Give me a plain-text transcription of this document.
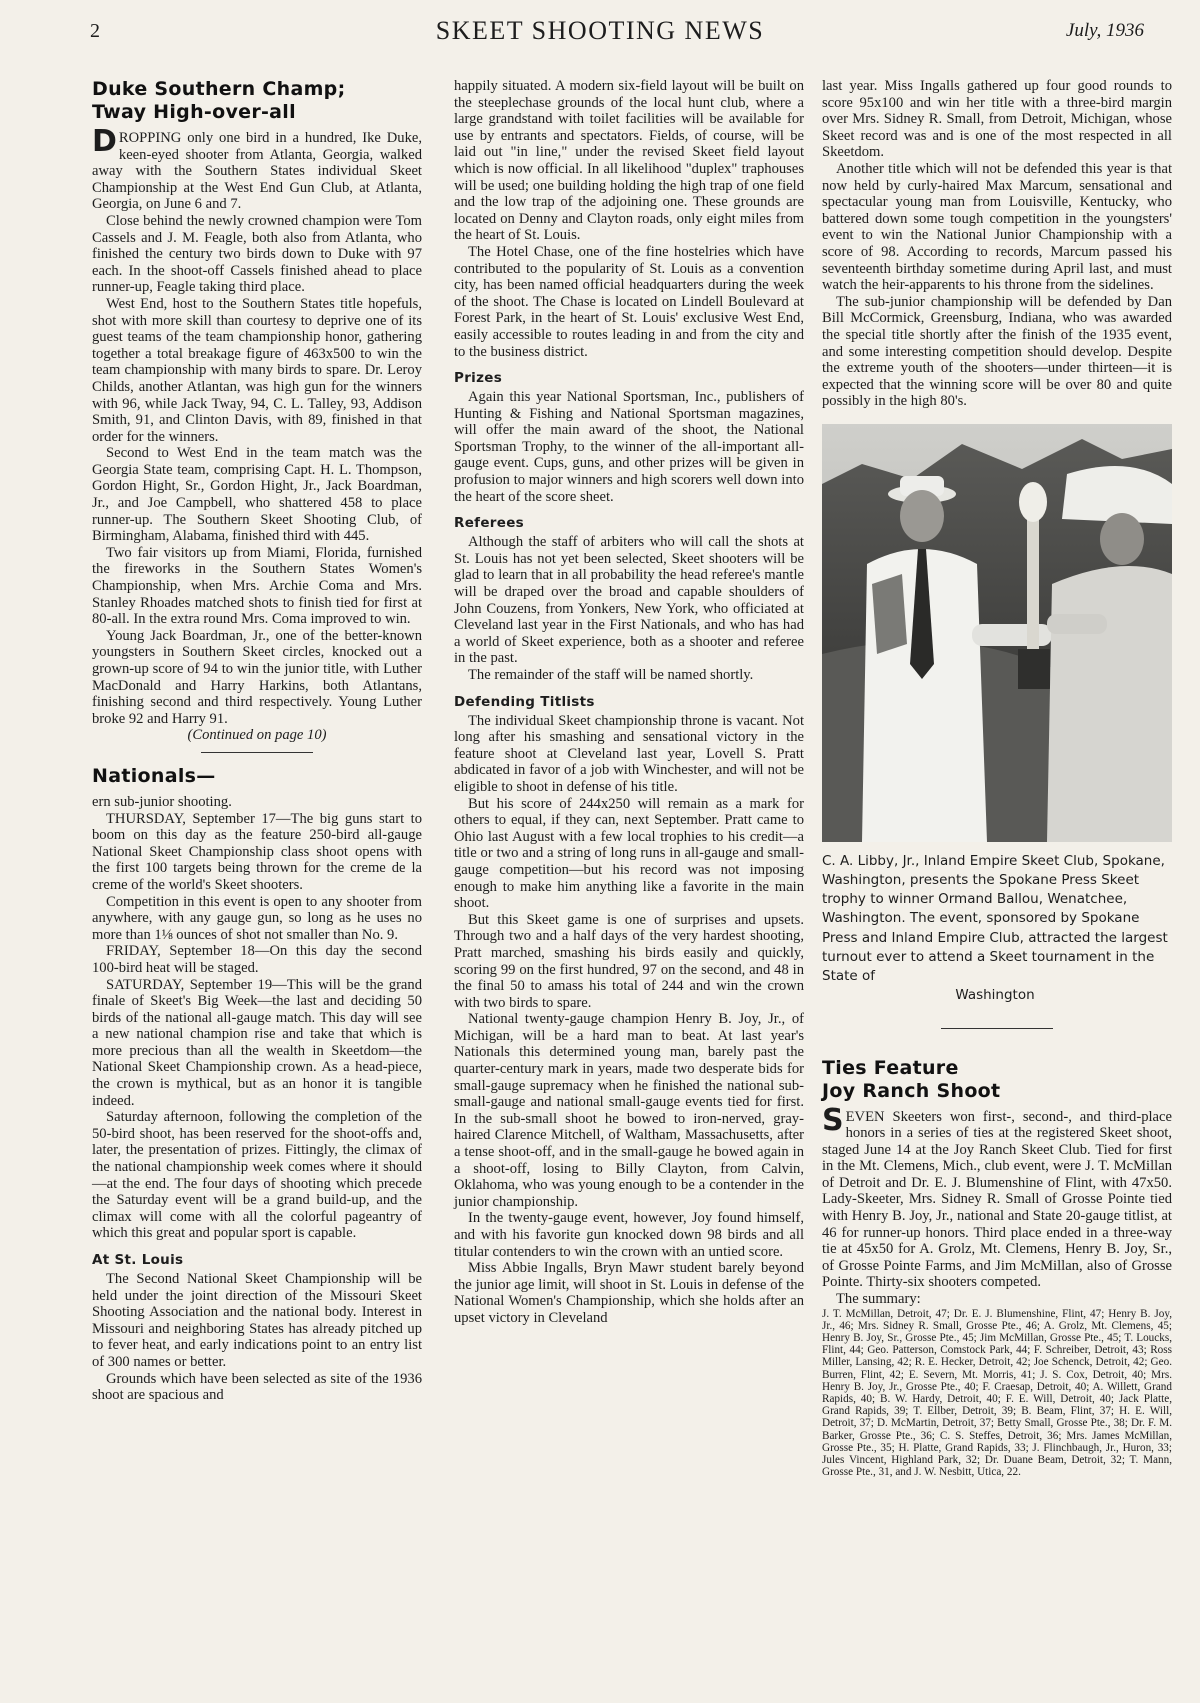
2	SKEET SHOOTING NEWS	July, 1936
Duke Southern Champ;
Tway High-over-all

DROPPING only one bird in a hundred, Ike Duke, keen-eyed shooter from Atlanta, Georgia, walked away with the Southern States individual Skeet Championship at the West End Gun Club, at Atlanta, Georgia, on June 6 and 7.

Close behind the newly crowned champion were Tom Cassels and J. M. Feagle, both also from Atlanta, who finished the century two birds down to Duke with 97 each. In the shoot-off Cassels finished ahead to place runner-up, Feagle taking third place.

West End, host to the Southern States title hopefuls, shot with more skill than courtesy to deprive one of its guest teams of the team championship honor, gathering together a total breakage figure of 463x500 to win the team championship with many birds to spare. Dr. Leroy Childs, another Atlantan, was high gun for the winners with 96, while Jack Tway, 94, C. L. Talley, 93, Addison Smith, 91, and Clinton Davis, with 89, finished in that order for the winners.

Second to West End in the team match was the Georgia State team, comprising Capt. H. L. Thompson, Gordon Hight, Sr., Gordon Hight, Jr., Jack Boardman, Jr., and Joe Campbell, who shattered 458 to place runner-up. The Southern Skeet Shooting Club, of Birmingham, Alabama, finished third with 445.

Two fair visitors up from Miami, Florida, furnished the fireworks in the Southern States Women's Championship, when Mrs. Archie Coma and Mrs. Stanley Rhoades matched shots to finish tied for first at 80-all. In the extra round Mrs. Coma improved to win.

Young Jack Boardman, Jr., one of the better-known youngsters in Southern Skeet circles, knocked out a grown-up score of 94 to win the junior title, with Luther MacDonald and Harry Harkins, both Atlantans, finishing second and third respectively. Young Luther broke 92 and Harry 91.

(Continued on page 10)

Nationals—

ern sub-junior shooting.

THURSDAY, September 17—The big guns start to boom on this day as the feature 250-bird all-gauge National Skeet Championship class shoot opens with the first 100 targets being thrown for the creme de la creme of the world's Skeet shooters.

Competition in this event is open to any shooter from anywhere, with any gauge gun, so long as he uses no more than 1⅛ ounces of shot not smaller than No. 9.

FRIDAY, September 18—On this day the second 100-bird heat will be staged.

SATURDAY, September 19—This will be the grand finale of Skeet's Big Week—the last and deciding 50 birds of the national all-gauge match. This day will see a new national champion rise and take that which is more precious than all the wealth in Skeetdom—the National Skeet Championship crown. As a head-piece, the crown is mythical, but as an honor it is tangible indeed.

Saturday afternoon, following the completion of the 50-bird shoot, has been reserved for the shoot-offs and, later, the presentation of prizes. Fittingly, the climax of the national championship week comes where it should—at the end. The four days of shooting which precede the Saturday event will be a grand build-up, and the climax will come with all the colorful pageantry of which this great and popular sport is capable.

At St. Louis

The Second National Skeet Championship will be held under the joint direction of the Missouri Skeet Shooting Association and the national body. Interest in Missouri and neighboring States has already pitched up to fever heat, and early indications point to an entry list of 300 names or better.

Grounds which have been selected as site of the 1936 shoot are spacious and

happily situated. A modern six-field layout will be built on the steeplechase grounds of the local hunt club, where a large grandstand with toilet facilities will be available for use by entrants and spectators. Fields, of course, will be laid out "in line," under the revised Skeet field layout which is now official. In all likelihood "duplex" traphouses will be used; one building holding the high trap of one field and the low trap of the adjoining one. These grounds are located on Denny and Clayton roads, only eight miles from the heart of St. Louis.

The Hotel Chase, one of the fine hostelries which have contributed to the popularity of St. Louis as a convention city, has been named official headquarters during the week of the shoot. The Chase is located on Lindell Boulevard at Forest Park, in the heart of St. Louis' exclusive West End, easily accessible to routes leading in and from the city and to the business district.

Prizes

Again this year National Sportsman, Inc., publishers of Hunting & Fishing and National Sportsman magazines, will offer the main award of the shoot, the National Sportsman Trophy, to the winner of the all-important all-gauge event. Cups, guns, and other prizes will be given in profusion to major winners and high scorers well down into the heart of the score sheet.

Referees

Although the staff of arbiters who will call the shots at St. Louis has not yet been selected, Skeet shooters will be glad to learn that in all probability the head referee's mantle will be draped over the broad and capable shoulders of John Couzens, from Yonkers, New York, who officiated at Cleveland last year in the First Nationals, and who has had a world of Skeet experience, both as a shooter and referee in the past.

The remainder of the staff will be named shortly.

Defending Titlists

The individual Skeet championship throne is vacant. Not long after his smashing and sensational victory in the feature shoot at Cleveland last year, Lovell S. Pratt abdicated in favor of a job with Winchester, and will not be eligible to shoot in defense of his title.

But his score of 244x250 will remain as a mark for others to equal, if they can, next September. Pratt came to Ohio last August with a few local trophies to his credit—a title or two and a string of long runs in all-gauge and small-gauge competition—but his record was not imposing enough to make him anything like a favorite in the main shoot.

But this Skeet game is one of surprises and upsets. Through two and a half days of the very hardest shooting, Pratt marched, smashing his birds easily and quickly, scoring 99 on the first hundred, 97 on the second, and 48 in the final 50 to amass his total of 244 and win the crown with two birds to spare.

National twenty-gauge champion Henry B. Joy, Jr., of Michigan, will be a hard man to beat. At last year's Nationals this determined young man, barely past the quarter-century mark in years, made two desperate bids for small-gauge supremacy when he finished the national sub-small-gauge and national small-gauge events tied for first. In the sub-small shoot he bowed to iron-nerved, gray-haired Clarence Mitchell, of Waltham, Massachusetts, after a tense shoot-off, and in the small-gauge he bowed again in a shoot-off, losing to Billy Clayton, from Calvin, Oklahoma, who was young enough to be a contender in the junior championship.

In the twenty-gauge event, however, Joy found himself, and with his favorite gun knocked down 98 birds and all titular contenders to win the crown with an untied score.

Miss Abbie Ingalls, Bryn Mawr student barely beyond the junior age limit, will shoot in St. Louis in defense of the National Women's Championship, which she holds after an upset victory in Cleveland

last year. Miss Ingalls gathered up four good rounds to score 95x100 and win her title with a three-bird margin over Mrs. Sidney R. Small, from Detroit, Michigan, whose Skeet record was and is one of the most respected in all Skeetdom.

Another title which will not be defended this year is that now held by curly-haired Max Marcum, sensational and spectacular young man from Louisville, Kentucky, who battered down some tough competition in the youngsters' event to win the National Junior Championship with a score of 98. According to records, Marcum passed his seventeenth birthday sometime during April last, and must watch the heir-apparents to his throne from the sidelines.

The sub-junior championship will be defended by Dan Bill McCormick, Greensburg, Indiana, who was awarded the special title shortly after the finish of the 1935 event, and some interesting competition should develop. Despite the extreme youth of the shooters—under thirteen—it is expected that the winning score will be over 80 and quite possibly in the high 80's.

C. A. Libby, Jr., Inland Empire Skeet Club, Spokane, Washington, presents the Spokane Press Skeet trophy to winner Ormand Ballou, Wenatchee, Washington. The event, sponsored by Spokane Press and Inland Empire Club, attracted the largest turnout ever to attend a Skeet tournament in the State of
Washington
Ties Feature
Joy Ranch Shoot

SEVEN Skeeters won first-, second-, and third-place honors in a series of ties at the registered Skeet shoot, staged June 14 at the Joy Ranch Skeet Club. Tied for first in the Mt. Clemens, Mich., club event, were J. T. McMillan of Detroit and Dr. E. J. Blumenshine of Flint, with 47x50. Lady-Skeeter, Mrs. Sidney R. Small of Grosse Pointe tied with Henry B. Joy, Jr., national and State 20-gauge titlist, at 46 for runner-up honors. Third place ended in a three-way tie at 45x50 for A. Grolz, Mt. Clemens, Henry B. Joy, Sr., of Grosse Pointe Farms, and Jim McMillan, also of Grosse Pointe. Thirty-six shooters competed.

The summary:

J. T. McMillan, Detroit, 47; Dr. E. J. Blumenshine, Flint, 47; Henry B. Joy, Jr., 46; Mrs. Sidney R. Small, Grosse Pte., 46; A. Grolz, Mt. Clemens, 45; Henry B. Joy, Sr., Grosse Pte., 45; Jim McMillan, Grosse Pte., 45; T. Loucks, Flint, 44; Geo. Patterson, Comstock Park, 44; F. Schreiber, Detroit, 43; Ross Miller, Lansing, 42; R. E. Hecker, Detroit, 42; Joe Schenck, Detroit, 42; Geo. Burren, Flint, 42; E. Severn, Mt. Morris, 41; J. S. Cox, Detroit, 40; Mrs. Henry B. Joy, Jr., Grosse Pte., 40; F. Craesap, Detroit, 40; A. Willett, Grand Rapids, 40; B. W. Hardy, Detroit, 40; F. E. Will, Detroit, 40; Jack Platte, Grand Rapids, 39; T. Ellber, Detroit, 39; B. Beam, Flint, 37; H. E. Will, Detroit, 37; D. McMartin, Detroit, 37; Betty Small, Grosse Pte., 38; Dr. F. M. Barker, Grosse Pte., 36; C. S. Steffes, Detroit, 36; Mrs. James McMillan, Grosse Pte., 35; H. Platte, Grand Rapids, 33; J. Flinchbaugh, Jr., Huron, 33; Jules Vincent, Highland Park, 32; Dr. Duane Beam, Detroit, 32; T. Mann, Grosse Pte., 31, and J. W. Nesbitt, Utica, 22.
